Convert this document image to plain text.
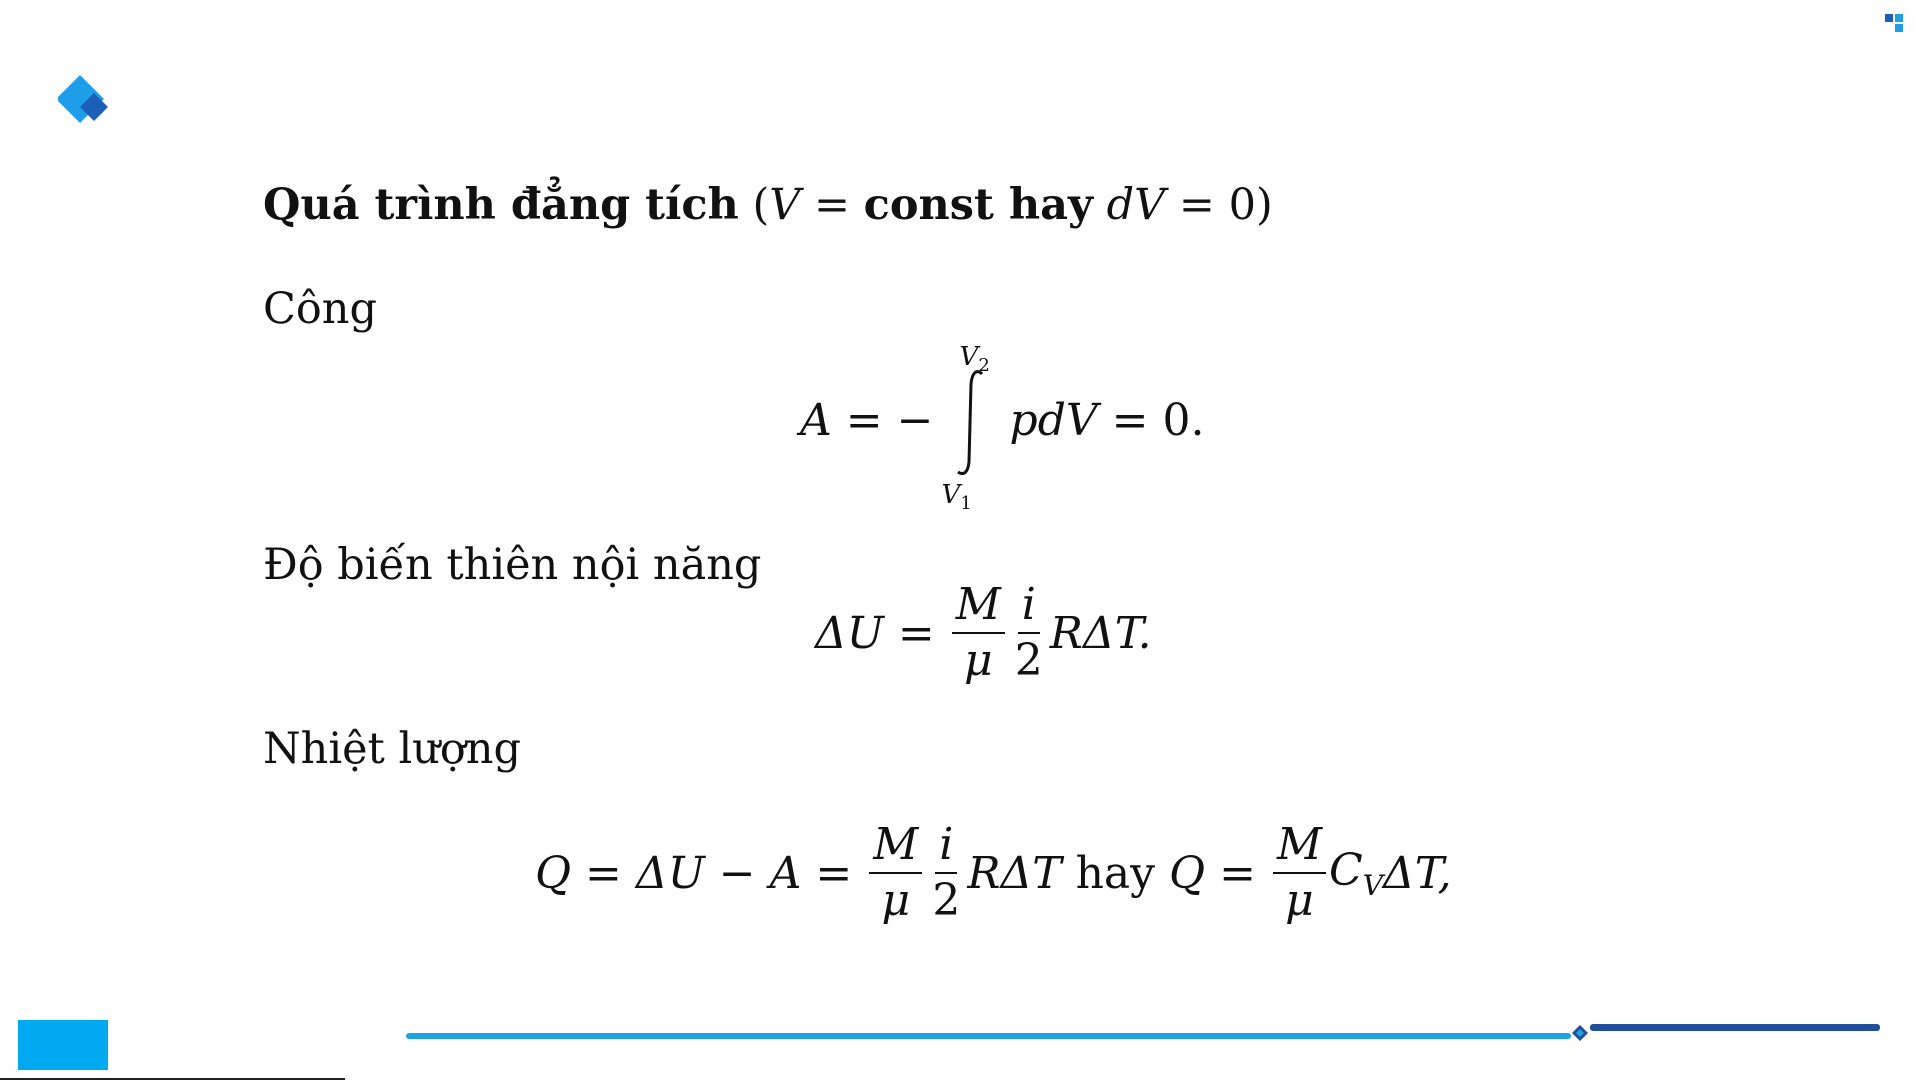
Quá trình đẳng tích (V = const hay dV = 0)
Công
A = −
$V_2$
$V_1$
pdV = 0.
Độ biến thiên nội năng
$\Delta U = \frac{M}{\mu} \frac{i}{2} R\Delta T$.
Nhiệt lượng
$Q = \Delta U - A = \frac{M}{\mu} \frac{i}{2}$ RΔT hay $Q = \frac{M}{\mu} C_V$ ΔT,
